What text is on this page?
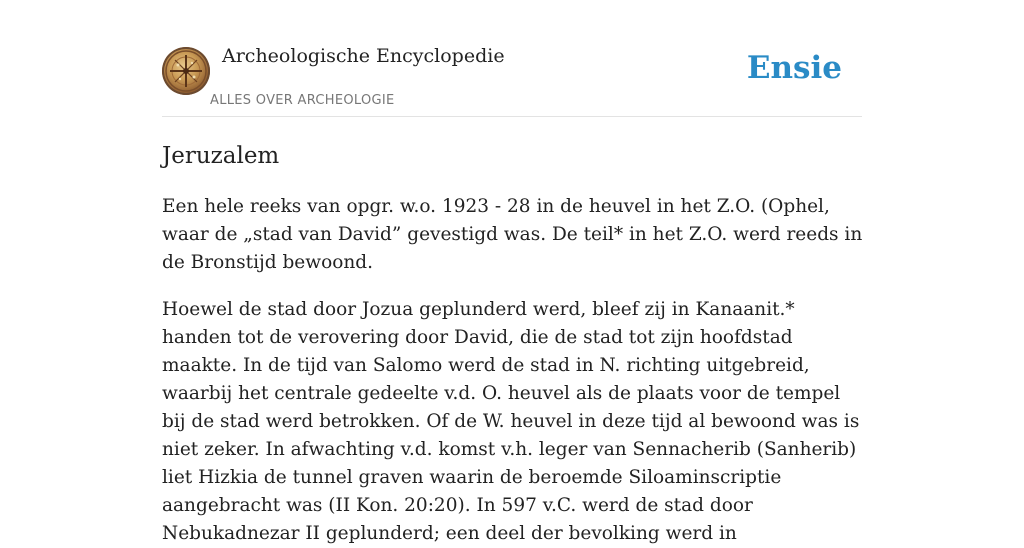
Archeologische Encyclopedie
ALLES OVER ARCHEOLOGIE
Ensie
Jeruzalem

Een hele reeks van opgr. w.o. 1923 - 28 in de heuvel in het Z.O. (Ophel, waar de „stad van David” gevestigd was. De teil* in het Z.O. werd reeds in de Bronstijd bewoond.

Hoewel de stad door Jozua geplunderd werd, bleef zij in Kanaanit.* handen tot de verovering door David, die de stad tot zijn hoofdstad maakte. In de tijd van Salomo werd de stad in N. richting uitgebreid, waarbij het centrale gedeelte v.d. O. heuvel als de plaats voor de tempel bij de stad werd betrokken. Of de W. heuvel in deze tijd al bewoond was is niet zeker. In afwachting v.d. komst v.h. leger van Sennacherib (Sanherib) liet Hizkia de tunnel graven waarin de beroemde Siloaminscriptie aangebracht was (II Kon. 20:20). In 597 v.C. werd de stad door Nebukadnezar II geplunderd; een deel der bevolking werd in
